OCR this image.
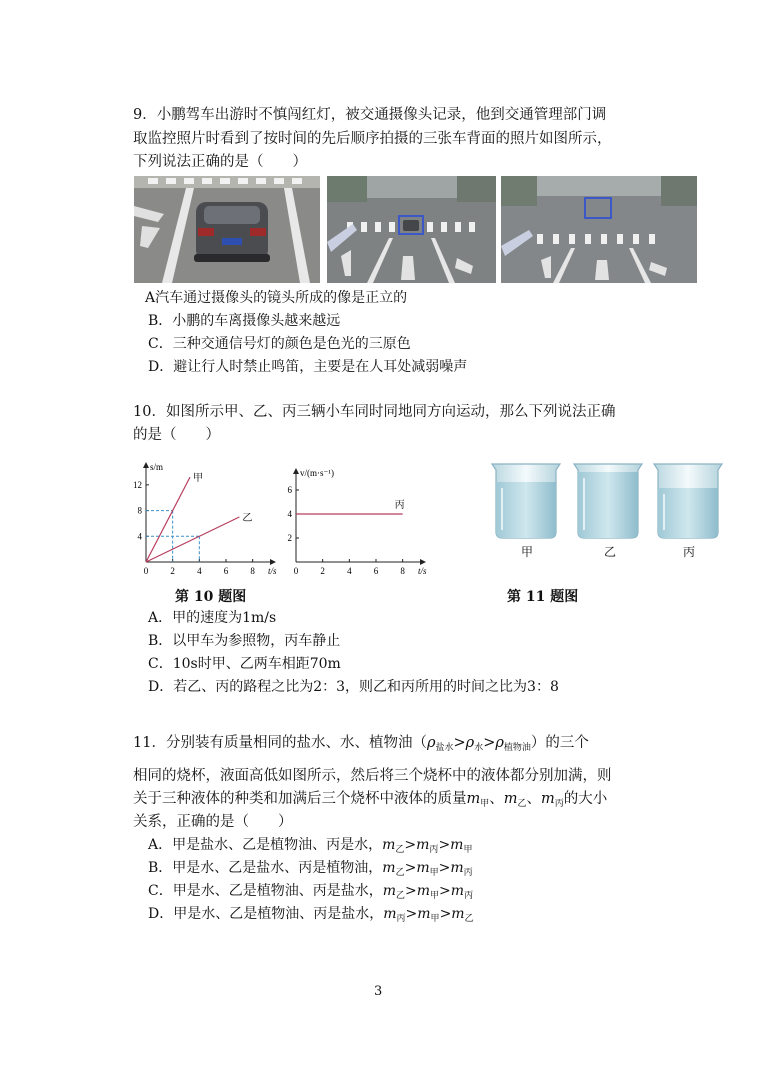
9．小鹏驾车出游时不慎闯红灯，被交通摄像头记录，他到交通管理部门调
取监控照片时看到了按时间的先后顺序拍摄的三张车背面的照片如图所示，
下列说法正确的是（　　）
A汽车通过摄像头的镜头所成的像是正立的
B．小鹏的车离摄像头越来越远
C．三种交通信号灯的颜色是色光的三原色
D．避让行人时禁止鸣笛，主要是在人耳处减弱噪声
10．如图所示甲、乙、丙三辆小车同时同地同方向运动，那么下列说法正确
的是（　　）
0 2 4 6 8
4
8
12
t/s
s/m
甲
乙
0 2 4 6 8
2
4
6
t/s
v/(m·s⁻¹)
丙
第 10 题图
甲	乙	丙
第 11 题图
A．甲的速度为1m/s
B．以甲车为参照物，丙车静止
C．10s时甲、乙两车相距70m
D．若乙、丙的路程之比为2：3，则乙和丙所用的时间之比为3：8
11．分别装有质量相同的盐水、水、植物油$(\rho_{盐水}>\rho_水>\rho_{植物油})$的三个
相同的烧杯，液面高低如图所示，然后将三个烧杯中的液体都分别加满，则
关于三种液体的种类和加满后三个烧杯中液体的质量$m_甲$、$m_乙$、$m_丙$的大小
关系，正确的是（　　）
A．甲是盐水、乙是植物油、丙是水，$m_乙>m_丙>m_甲$
B．甲是水、乙是盐水、丙是植物油，$m_乙>m_甲>m_丙$
C．甲是水、乙是植物油、丙是盐水，$m_乙>m_甲>m_丙$
D．甲是水、乙是植物油、丙是盐水，$m_丙>m_甲>m_乙$
3
